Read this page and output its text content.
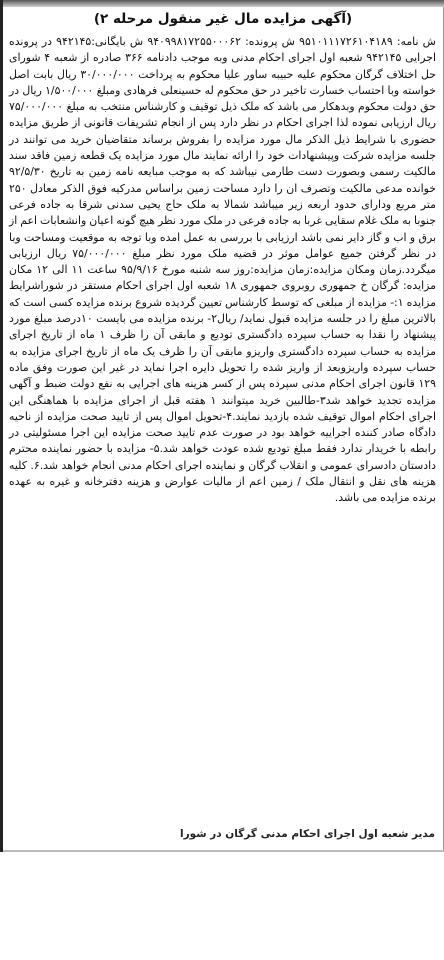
(آگهی مزایده مال غیر منقول مرحله ۲)

ش نامه: ۹۵۱۰۱۱۱۷۲۶۱۰۴۱۸۹ ش پرونده: ۹۴۰۹۹۸۱۷۲۵۵۰۰۰۶۲ ش بایگانی:۹۴۲۱۴۵ در پرونده اجرایی ۹۴۲۱۴۵ شعبه اول اجرای احکام مدنی وبه موجب دادنامه ۳۶۶ صادره از شعبه ۴ شورای حل اختلاف گرگان محکوم علیه حبیبه ساور علیا محکوم به پرداخت ۳۰/۰۰۰/۰۰۰ ریال بابت اصل خواسته وبا احتساب خسارت تاخیر در حق محکوم له حسینعلی فرهادی ومبلغ ۱/۵۰۰/۰۰۰ ریال در حق دولت محکوم وبدهکار می باشد که ملک ذیل توقیف و کارشناس منتخب به مبلغ ۷۵/۰۰۰/۰۰۰ ریال ارزیابی نموده لذا اجرای احکام در نظر دارد پس از انجام تشریفات قانونی از طریق مزایده حضوری با شرایط ذیل الذکر مال مورد مزایده را بفروش برساند متقاضیان خرید می توانند در جلسه مزایده شرکت وپیشنهادات خود را ارائه نمایند مال مورد مزایده یک قطعه زمین فاقد سند مالکیت رسمی وبصورت دست طارمی نیباشد که به موجب مبایعه نامه زمین به تاریخ ۹۲/۵/۳۰ خوانده مدعی مالکیت وتصرف ان را دارد مساحت زمین براساس مدرکیه فوق الذکر معادل ۲۵۰ متر مربع ودارای حدود اربعه زیر میباشد شمالا به ملک حاج یحیی سدنی شرقا به جاده فرعی جنوبا به ملک غلام سقایی غربا به جاده فرعی در ملک مورد نظر هیچ گونه اعیان وانشعابات اعم از برق و اب و گاز دایر نمی باشد ارزیابی با بررسی به عمل امده وبا توجه به موقعیت ومساحت وبا در نظر گرفتن جمیع عوامل موثر در قضیه ملک مورد نظر مبلغ ۷۵/۰۰۰/۰۰۰ ریال ارزیابی میگردد.زمان ومکان مزایده:زمان مزایده:روز سه شنبه مورخ ۹۵/۹/۱۶ ساعت ۱۱ الی ۱۲ مکان مزایده: گرگان خ جمهوری روبروی جمهوری ۱۸ شعبه اول اجرای احکام مستقر در شوراشرایط مزایده ۱:- مزایده از مبلغی که توسط کارشناس تعیین گردیده شروع برنده مزایده کسی است که بالاترین مبلغ را در جلسه مزایده قبول نماید/ ریال۲- برنده مزایده می بایست ۱۰درصد مبلغ مورد پیشنهاد را نقدا به حساب سپرده دادگستری تودیع و مابقی آن را ظرف ۱ ماه از تاریخ اجرای مزایده به حساب سپرده دادگستری واریزو مابقی آن را ظرف یک ماه از تاریخ اجرای مزایده به حساب سپرده واریزوبعد از واریز شده را تحویل دایره اجرا نماید در غیر این صورت وفق ماده ۱۲۹ قانون اجرای احکام مدنی سپرده پس از کسر هزینه های اجرایی به نفع دولت ضبط و آگهی مزایده تجدید خواهد شد۳-طالبین خرید میتوانند ۱ هفته قبل از اجرای مزایده با هماهنگی این اجرای احکام اموال توقیف شده بازدید نمایند.۴-تحویل اموال پس از تایید صحت مزایده از ناحیه دادگاه صادر کننده اجراییه خواهد بود در صورت عدم تایید صحت مزایده این اجرا مسئولیتی در رابطه با خریدار ندارد فقط مبلغ تودیع شده عودت خواهد شد.۵- مزایده با حضور نماینده محترم دادستان دادسرای عمومی و انقلاب گرگان و نماینده اجرای احکام مدنی انجام خواهد شد.۶. کلیه هزینه های نقل و انتقال ملک / زمین اعم از مالیات عوارض و هزینه دفترخانه و غیره به عهده برنده مزایده می باشد.

مدیر شعبه اول اجرای احکام مدنی گرگان در شورا
